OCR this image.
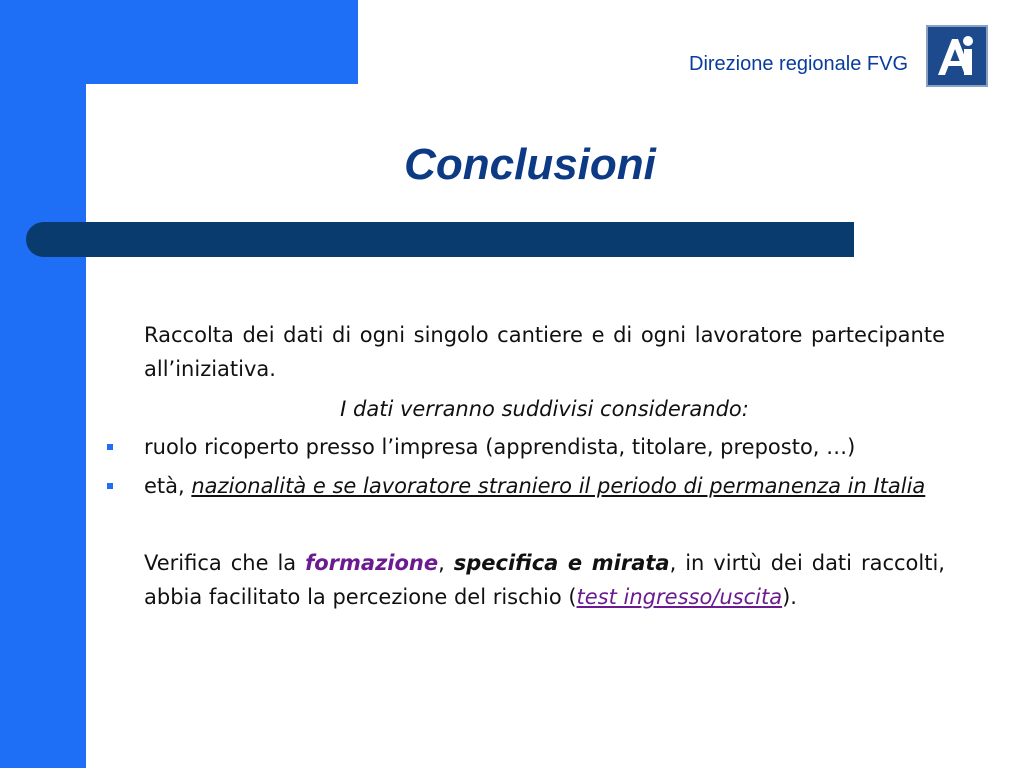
Direzione regionale FVG
Conclusioni

Raccolta dei dati di ogni singolo cantiere e di ogni lavoratore partecipante all’iniziativa.

I dati verranno suddivisi considerando:

ruolo ricoperto presso l’impresa (apprendista, titolare, preposto, …)
età, nazionalità e se lavoratore straniero il periodo di permanenza in Italia

Verifica che la formazione, specifica e mirata, in virtù dei dati raccolti, abbia facilitato la percezione del rischio (test ingresso/uscita).
